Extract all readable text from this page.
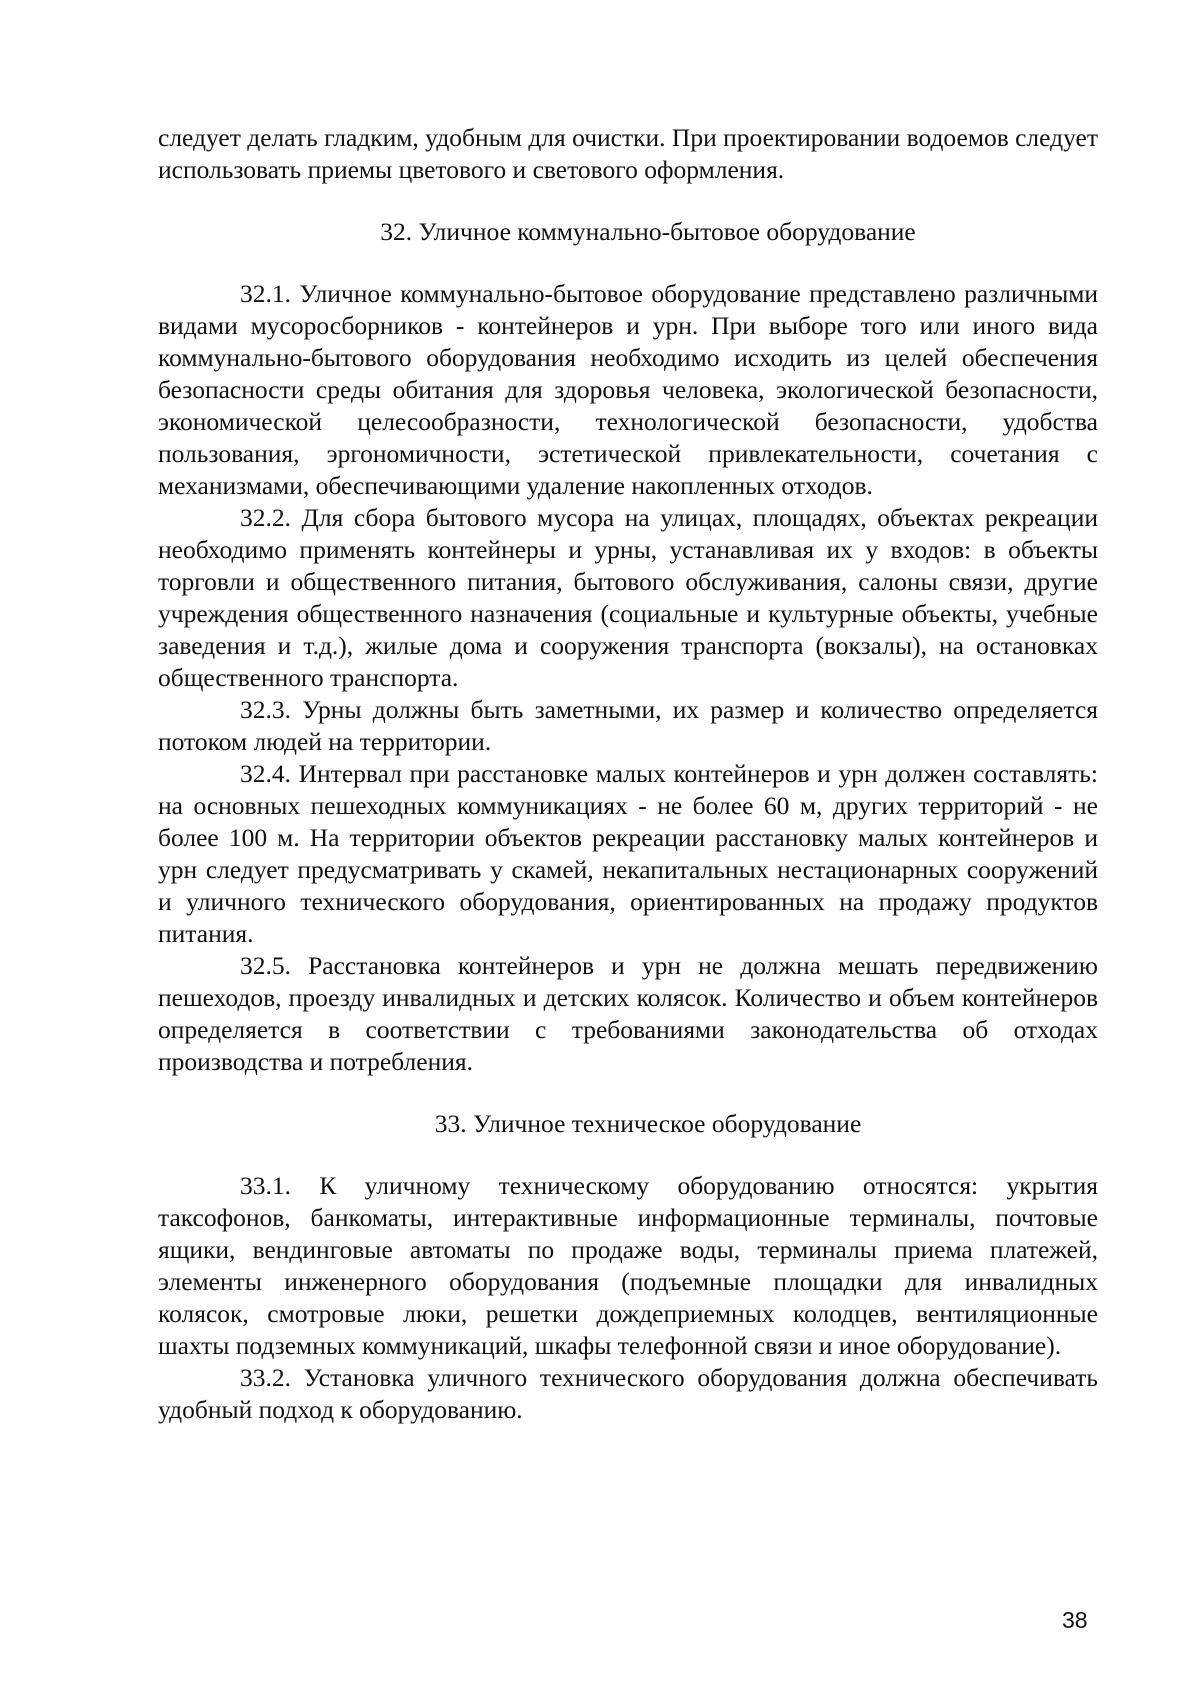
следует делать гладким, удобным для очистки. При проектировании водоемов следует использовать приемы цветового и светового оформления.

32. Уличное коммунально-бытовое оборудование

32.1. Уличное коммунально-бытовое оборудование представлено различными видами мусоросборников - контейнеров и урн. При выборе того или иного вида коммунально-бытового оборудования необходимо исходить из целей обеспечения безопасности среды обитания для здоровья человека, экологической безопасности, экономической целесообразности, технологической безопасности, удобства пользования, эргономичности, эстетической привлекательности, сочетания с механизмами, обеспечивающими удаление накопленных отходов.

32.2. Для сбора бытового мусора на улицах, площадях, объектах рекреации необходимо применять контейнеры и урны, устанавливая их у входов: в объекты торговли и общественного питания, бытового обслуживания, салоны связи, другие учреждения общественного назначения (социальные и культурные объекты, учебные заведения и т.д.), жилые дома и сооружения транспорта (вокзалы), на остановках общественного транспорта.

32.3. Урны должны быть заметными, их размер и количество определяется потоком людей на территории.

32.4. Интервал при расстановке малых контейнеров и урн должен составлять: на основных пешеходных коммуникациях - не более 60 м, других территорий - не более 100 м. На территории объектов рекреации расстановку малых контейнеров и урн следует предусматривать у скамей, некапитальных нестационарных сооружений и уличного технического оборудования, ориентированных на продажу продуктов питания.

32.5. Расстановка контейнеров и урн не должна мешать передвижению пешеходов, проезду инвалидных и детских колясок. Количество и объем контейнеров определяется в соответствии с требованиями законодательства об отходах производства и потребления.

33. Уличное техническое оборудование

33.1. К уличному техническому оборудованию относятся: укрытия таксофонов, банкоматы, интерактивные информационные терминалы, почтовые ящики, вендинговые автоматы по продаже воды, терминалы приема платежей, элементы инженерного оборудования (подъемные площадки для инвалидных колясок, смотровые люки, решетки дождеприемных колодцев, вентиляционные шахты подземных коммуникаций, шкафы телефонной связи и иное оборудование).

33.2. Установка уличного технического оборудования должна обеспечивать удобный подход к оборудованию.

38
